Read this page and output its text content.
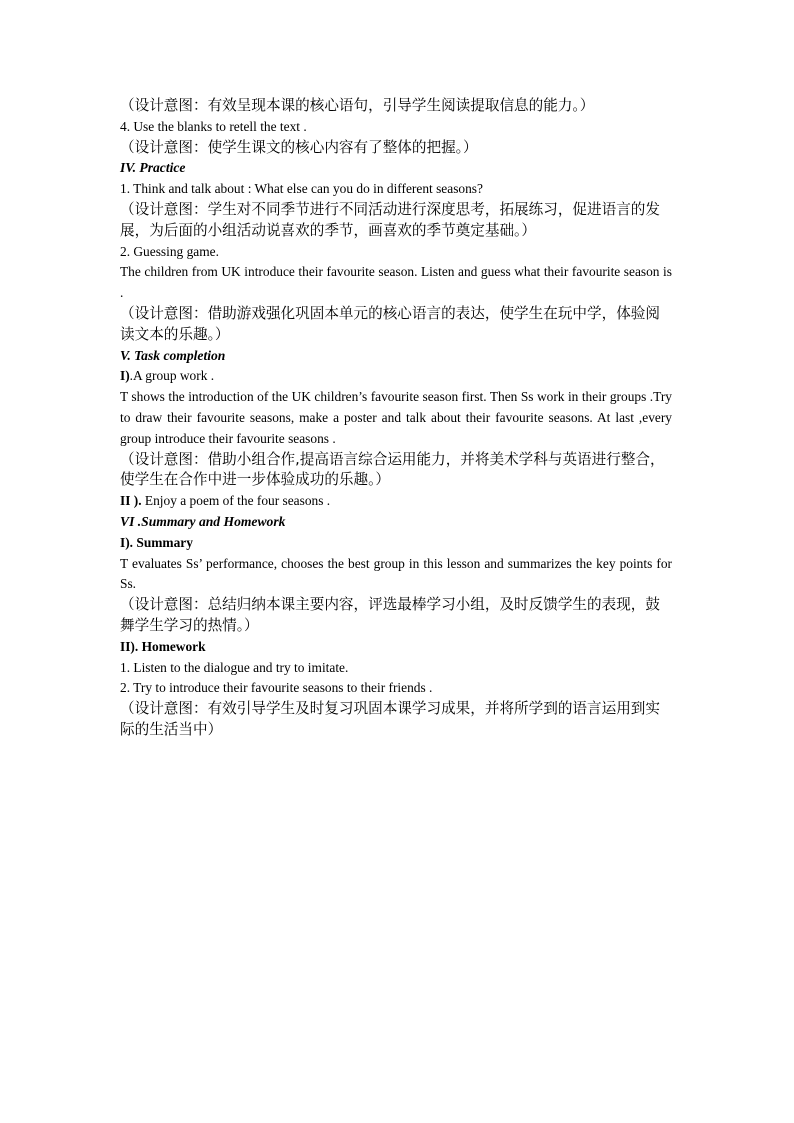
（设计意图：有效呈现本课的核心语句，引导学生阅读提取信息的能力。）

4. Use the blanks to retell the text .

（设计意图：使学生课文的核心内容有了整体的把握。）

IV. Practice

1. Think and talk about : What else can you do in different seasons?

（设计意图：学生对不同季节进行不同活动进行深度思考，拓展练习，促进语言的发展，为后面的小组活动说喜欢的季节，画喜欢的季节奠定基础。）

2. Guessing game.

The children from UK introduce their favourite season. Listen and guess what their favourite season is .

（设计意图：借助游戏强化巩固本单元的核心语言的表达，使学生在玩中学，体验阅读文本的乐趣。）

V. Task completion

I).A group work .

T shows the introduction of the UK children’s favourite season first. Then Ss work in their groups .Try to draw their favourite seasons, make a poster and talk about their favourite seasons. At last ,every group introduce their favourite seasons .

（设计意图：借助小组合作,提高语言综合运用能力，并将美术学科与英语进行整合，使学生在合作中进一步体验成功的乐趣。）

II ). Enjoy a poem of the four seasons .

VI .Summary and Homework

I). Summary

T evaluates Ss’ performance, chooses the best group in this lesson and summarizes the key points for Ss.

（设计意图：总结归纳本课主要内容，评选最棒学习小组，及时反馈学生的表现，鼓舞学生学习的热情。）

II). Homework

1. Listen to the dialogue and try to imitate.

2. Try to introduce their favourite seasons to their friends .

（设计意图：有效引导学生及时复习巩固本课学习成果，并将所学到的语言运用到实际的生活当中）
